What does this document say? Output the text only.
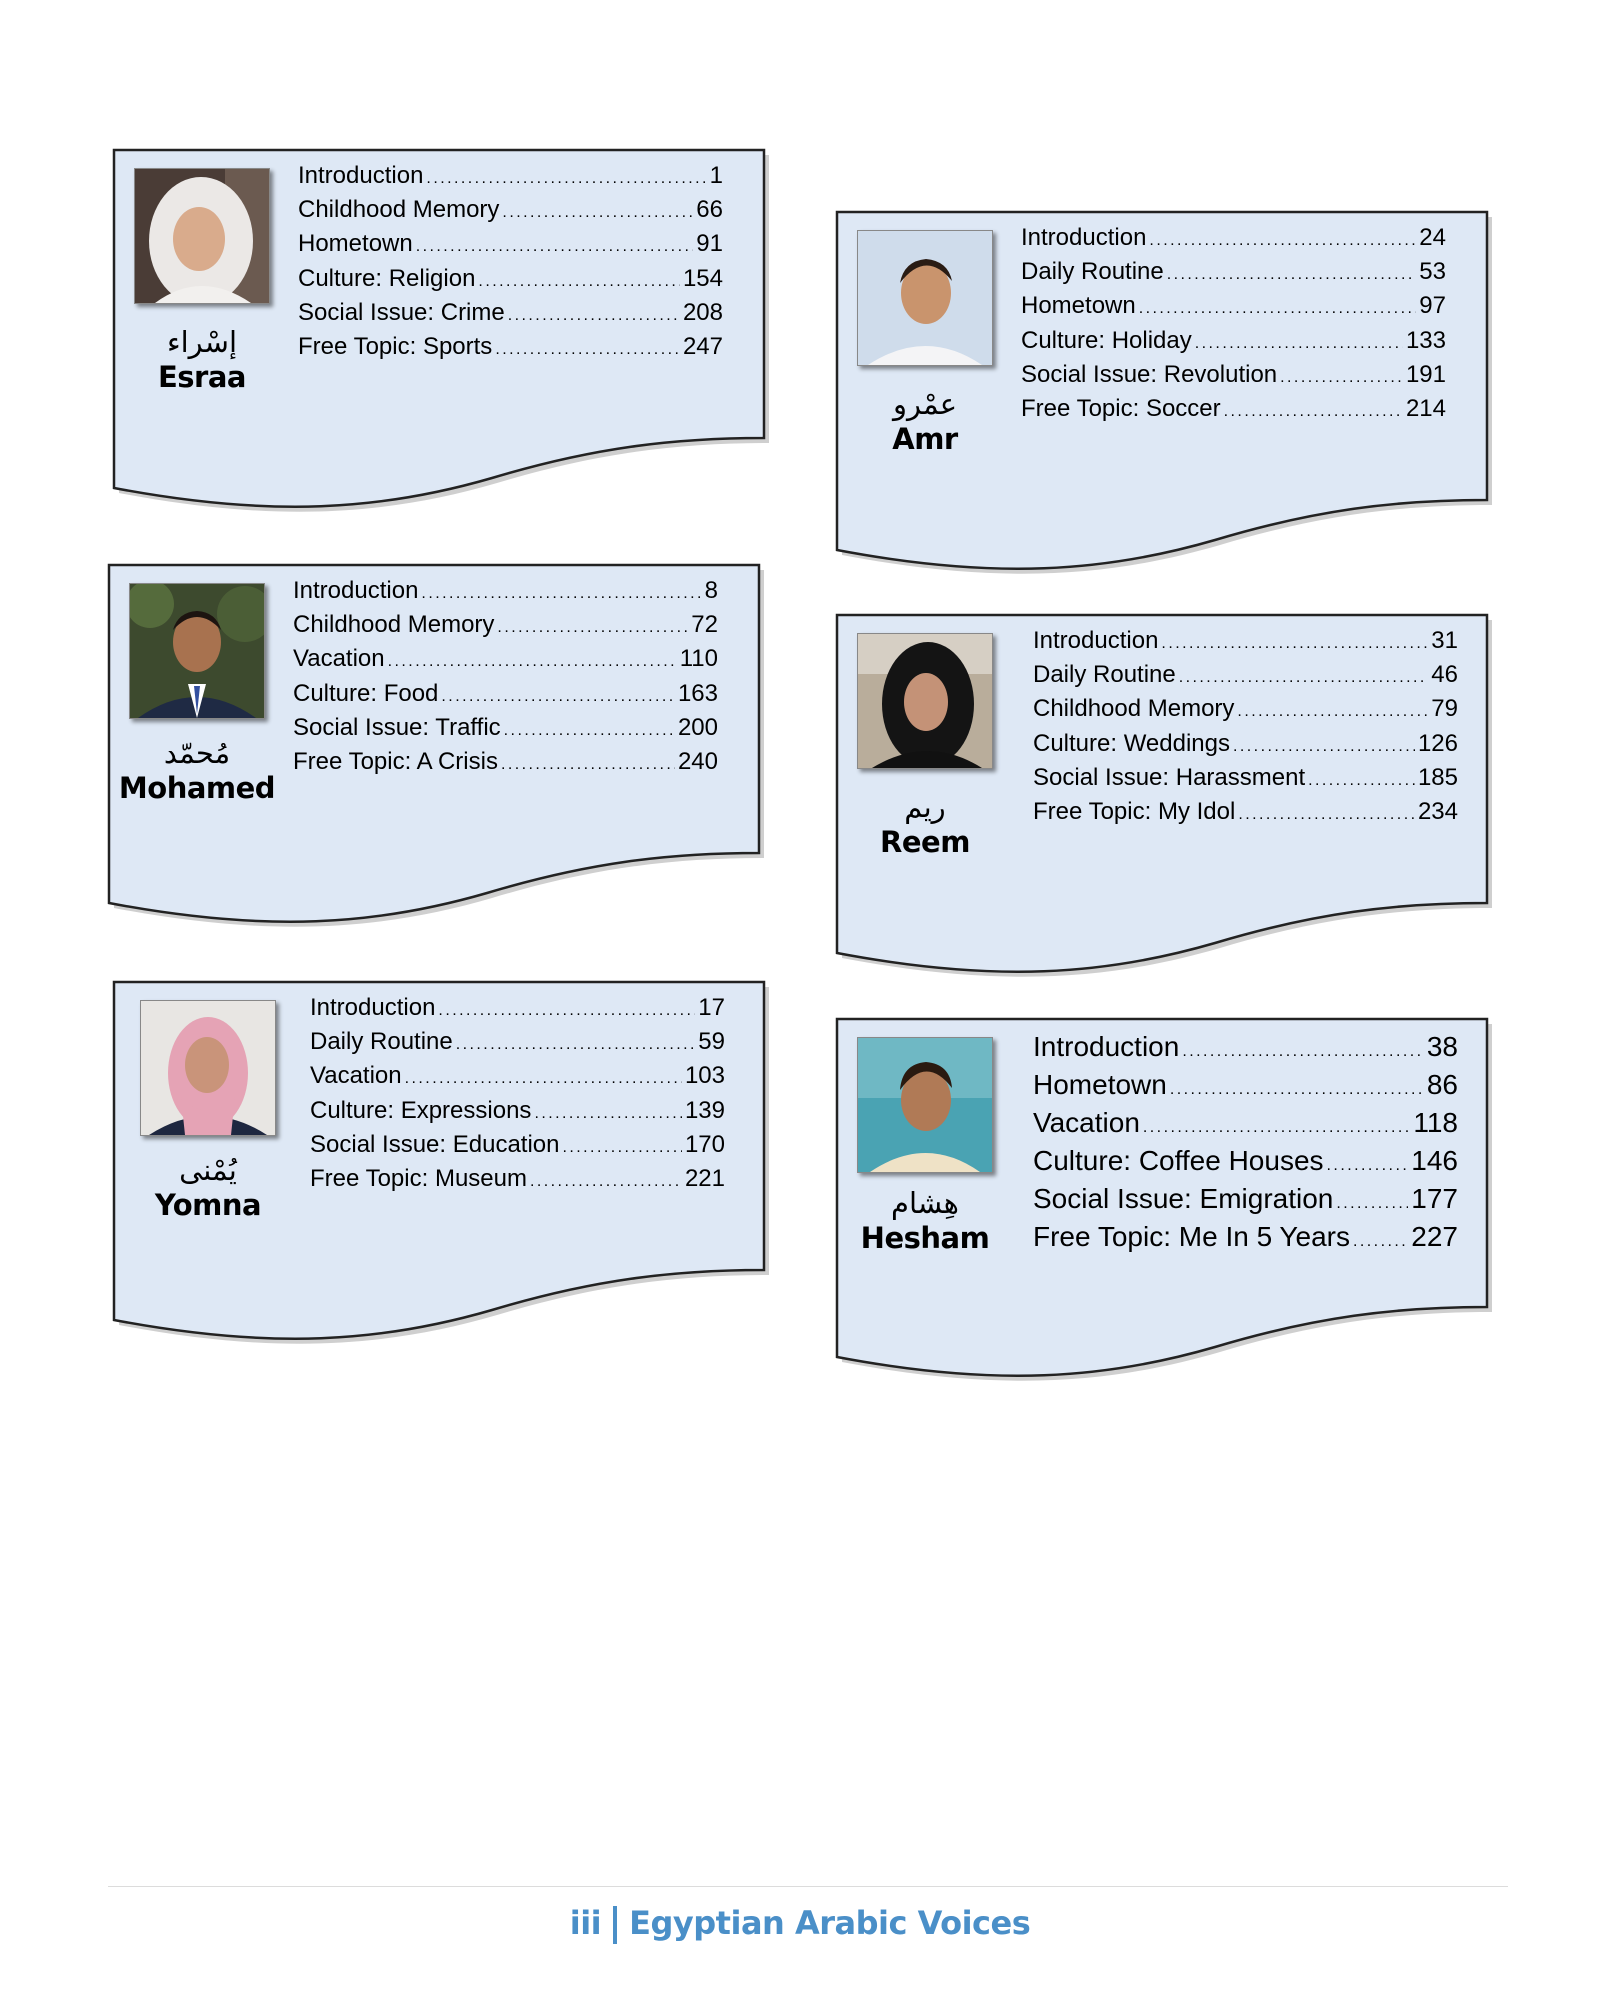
إسْراء
Esraa
Introduction . . .	1
Childhood Memory . . .	66
Hometown . . .	91
Culture: Religion . . .	154
Social Issue: Crime . . .	208
Free Topic: Sports . . .	247
عمْرو
Amr
Introduction . . .	24
Daily Routine . . .	53
Hometown . . .	97
Culture: Holiday . . .	133
Social Issue: Revolution . . .	191
Free Topic: Soccer . . .	214
مُحمّد
Mohamed
Introduction . . .	8
Childhood Memory . . .	72
Vacation . . .	110
Culture: Food . . .	163
Social Issue: Traffic . . .	200
Free Topic: A Crisis . . .	240
ريم
Reem
Introduction . . .	31
Daily Routine . . .	46
Childhood Memory . . .	79
Culture: Weddings . . .	126
Social Issue: Harassment . . .	185
Free Topic: My Idol . . .	234
يُمْنى
Yomna
Introduction . . .	17
Daily Routine . . .	59
Vacation . . .	103
Culture: Expressions . . .	139
Social Issue: Education . . .	170
Free Topic: Museum . . .	221
هِشام
Hesham
Introduction . . .	38
Hometown . . .	86
Vacation . . .	118
Culture: Coffee Houses . . .	146
Social Issue: Emigration . . .	177
Free Topic: Me In 5 Years . . . 227
iii Egyptian Arabic Voices
